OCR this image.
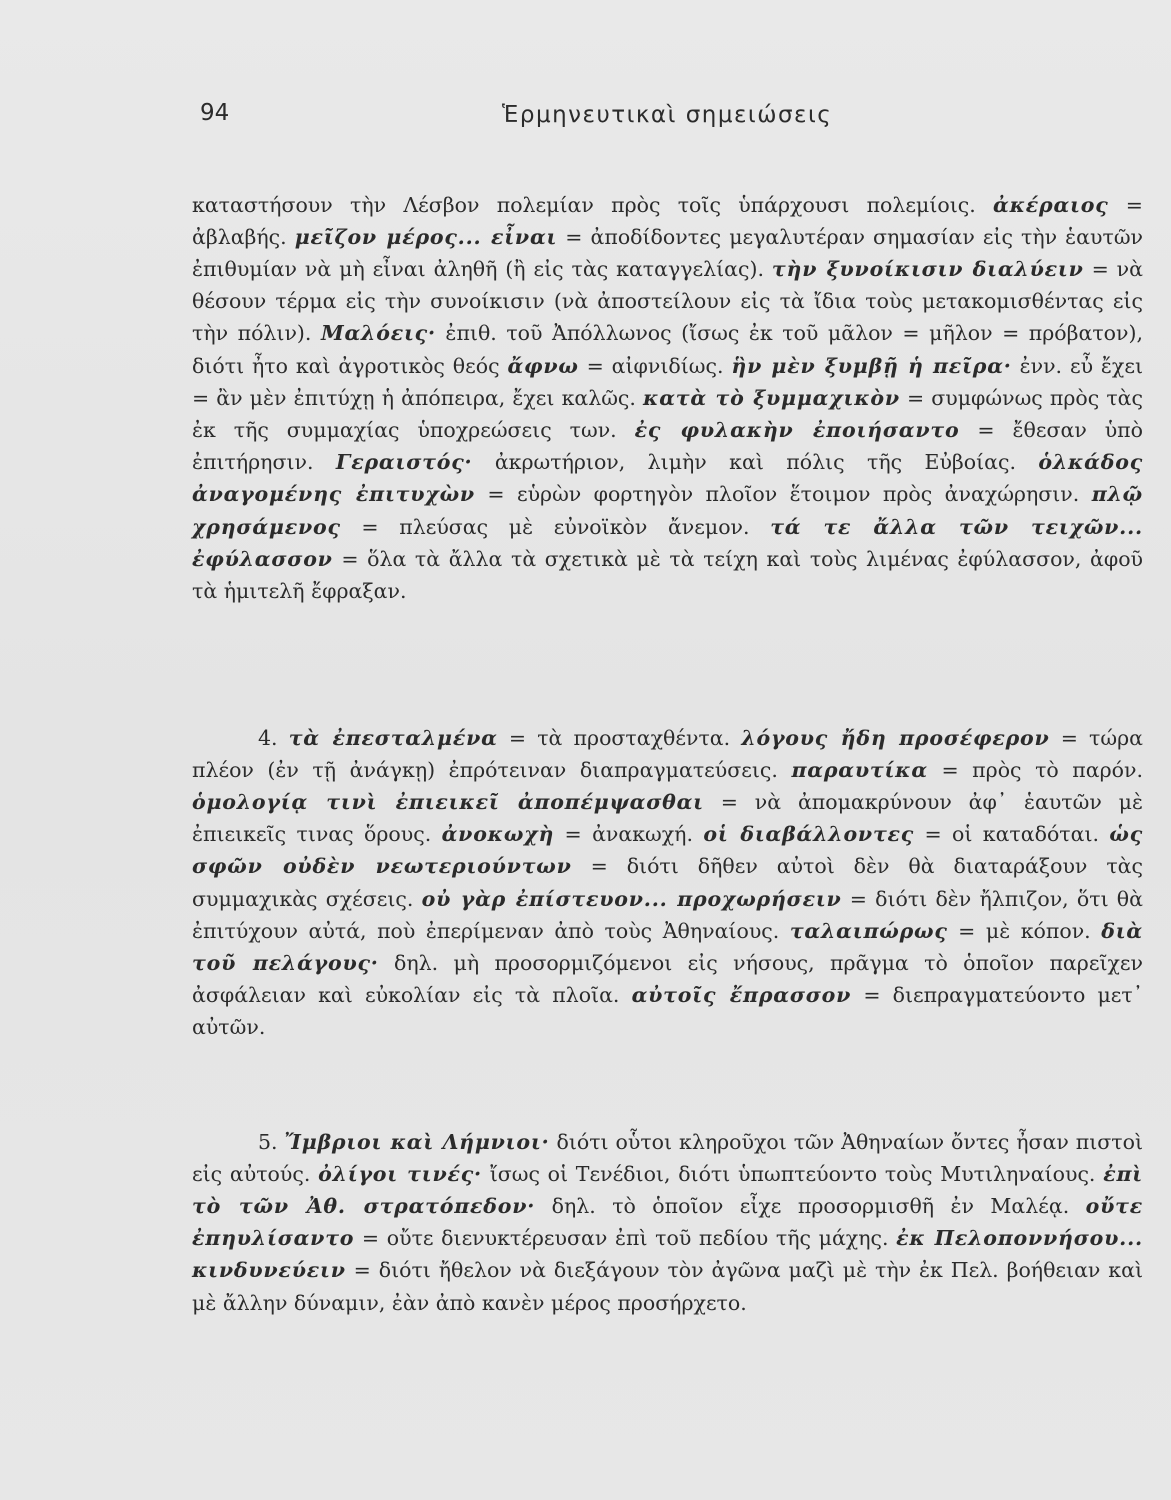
94	Ἑρμηνευτικαὶ σημειώσεις

καταστήσουν τὴν Λέσβον πολεμίαν πρὸς τοῖς ὑπάρχουσι πολεμίοις. ἀκέραιος = ἀβλαβής. μεῖζον μέρος... εἶναι = ἀποδίδοντες μεγαλυτέραν σημασίαν εἰς τὴν ἑαυτῶν ἐπιθυμίαν νὰ μὴ εἶναι ἀληθῆ (ἢ εἰς τὰς καταγγελίας). τὴν ξυνοίκισιν διαλύειν = νὰ θέσουν τέρμα εἰς τὴν συνοίκισιν (νὰ ἀποστείλουν εἰς τὰ ἴδια τοὺς μετακομισθέντας εἰς τὴν πόλιν). Μαλόεις· ἐπιθ. τοῦ Ἀπόλλωνος (ἴσως ἐκ τοῦ μᾶλον = μῆλον = πρόβατον), διότι ἦτο καὶ ἀγροτικὸς θεός ἄφνω = αἰφνιδίως. ἣν μὲν ξυμβῇ ἡ πεῖρα· ἐνν. εὖ ἔχει = ἂν μὲν ἐπιτύχῃ ἡ ἀπόπειρα, ἔχει καλῶς. κατὰ τὸ ξυμμαχικὸν = συμφώνως πρὸς τὰς ἐκ τῆς συμμαχίας ὑποχρεώσεις των. ἐς φυλακὴν ἐποιήσαντο = ἔθεσαν ὑπὸ ἐπιτήρησιν. Γεραιστός· ἀκρωτήριον, λιμὴν καὶ πόλις τῆς Εὐβοίας. ὁλκάδος ἀναγομένης ἐπιτυχὼν = εὑρὼν φορτηγὸν πλοῖον ἕτοιμον πρὸς ἀναχώρησιν. πλῷ χρησάμενος = πλεύσας μὲ εὐνοϊκὸν ἄνεμον. τά τε ἄλλα τῶν τειχῶν... ἐφύλασσον = ὅλα τὰ ἄλλα τὰ σχετικὰ μὲ τὰ τείχη καὶ τοὺς λιμένας ἐφύλασσον, ἀφοῦ τὰ ἡμιτελῆ ἔφραξαν.

4. τὰ ἐπεσταλμένα = τὰ προσταχθέντα. λόγους ἤδη προσέφερον = τώρα πλέον (ἐν τῇ ἀνάγκῃ) ἐπρότειναν διαπραγματεύσεις. παραυτίκα = πρὸς τὸ παρόν. ὁμολογίᾳ τινὶ ἐπιεικεῖ ἀποπέμψασθαι = νὰ ἀπομακρύνουν ἀφ᾿ ἑαυτῶν μὲ ἐπιεικεῖς τινας ὅρους. ἀνοκωχὴ = ἀνακωχή. οἱ διαβάλλοντες = οἱ καταδόται. ὡς σφῶν οὐδὲν νεωτεριούντων = διότι δῆθεν αὐτοὶ δὲν θὰ διαταράξουν τὰς συμμαχικὰς σχέσεις. οὐ γὰρ ἐπίστευον... προχωρήσειν = διότι δὲν ἤλπιζον, ὅτι θὰ ἐπιτύχουν αὐτά, ποὺ ἐπερίμεναν ἀπὸ τοὺς Ἀθηναίους. ταλαιπώρως = μὲ κόπον. διὰ τοῦ πελάγους· δηλ. μὴ προσορμιζόμενοι εἰς νήσους, πρᾶγμα τὸ ὁποῖον παρεῖχεν ἀσφάλειαν καὶ εὐκολίαν εἰς τὰ πλοῖα. αὐτοῖς ἔπρασσον = διεπραγματεύοντο μετ᾿ αὐτῶν.

5. Ἴμβριοι καὶ Λήμνιοι· διότι οὗτοι κληροῦχοι τῶν Ἀθηναίων ὄντες ἦσαν πιστοὶ εἰς αὐτούς. ὀλίγοι τινές· ἴσως οἱ Τενέδιοι, διότι ὑπωπτεύοντο τοὺς Μυτιληναίους. ἐπὶ τὸ τῶν Ἀθ. στρατόπεδον· δηλ. τὸ ὁποῖον εἶχε προσορμισθῆ ἐν Μαλέᾳ. οὔτε ἐπηυλίσαντο = οὔτε διενυκτέρευσαν ἐπὶ τοῦ πεδίου τῆς μάχης. ἐκ Πελοποννήσου... κινδυνεύειν = διότι ἤθελον νὰ διεξάγουν τὸν ἀγῶνα μαζὶ μὲ τὴν ἐκ Πελ. βοήθειαν καὶ μὲ ἄλλην δύναμιν, ἐὰν ἀπὸ κανὲν μέρος προσήρχετο.
